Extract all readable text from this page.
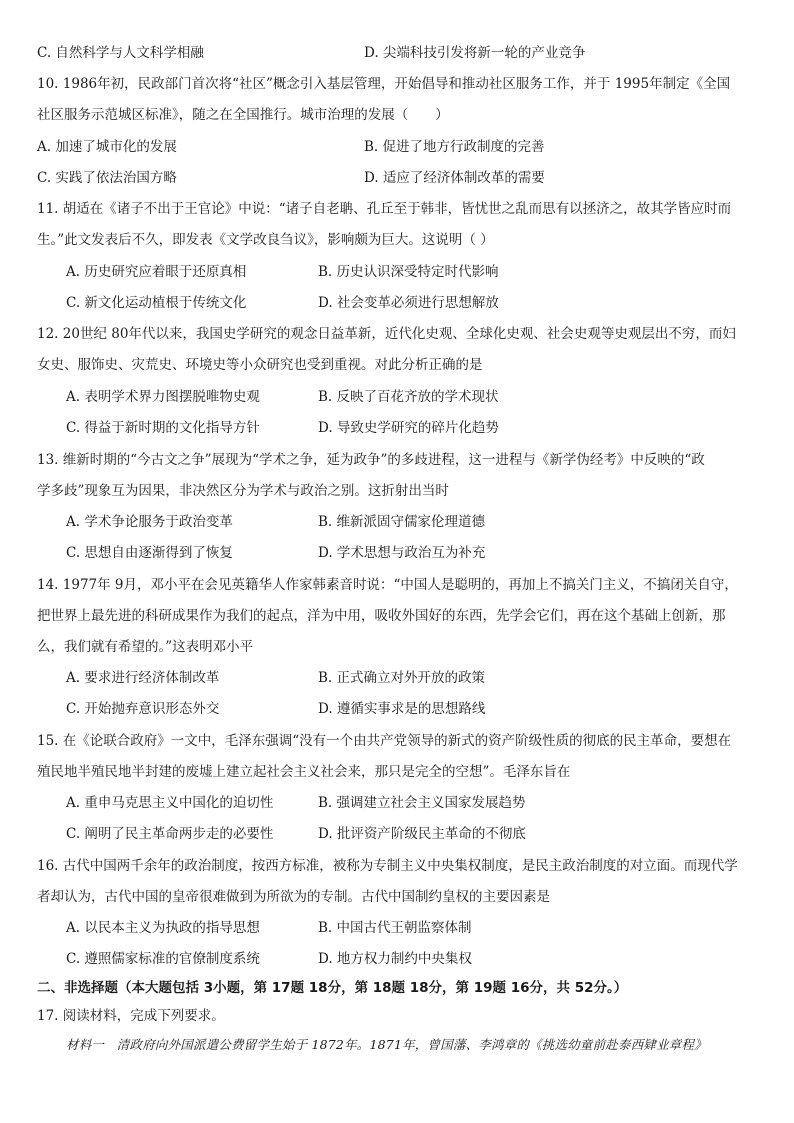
C. 自然科学与人文科学相融	D. 尖端科技引发将新一轮的产业竞争
10. 1986年初，民政部门首次将“社区”概念引入基层管理，开始倡导和推动社区服务工作，并于 1995年制定《全国
社区服务示范城区标准》，随之在全国推行。城市治理的发展（　　）
A. 加速了城市化的发展	B. 促进了地方行政制度的完善
C. 实践了依法治国方略	D. 适应了经济体制改革的需要
11. 胡适在《诸子不出于王官论》中说：“诸子自老聃、孔丘至于韩非，皆忧世之乱而思有以拯济之，故其学皆应时而
生。”此文发表后不久，即发表《文学改良刍议》，影响颇为巨大。这说明（ ）
A. 历史研究应着眼于还原真相	B. 历史认识深受特定时代影响
C. 新文化运动植根于传统文化	D. 社会变革必须进行思想解放
12. 20世纪 80年代以来，我国史学研究的观念日益革新，近代化史观、全球化史观、社会史观等史观层出不穷，而妇
女史、服饰史、灾荒史、环境史等小众研究也受到重视。对此分析正确的是
A. 表明学术界力图摆脱唯物史观	B. 反映了百花齐放的学术现状
C. 得益于新时期的文化指导方针	D. 导致史学研究的碎片化趋势
13. 维新时期的“今古文之争”展现为“学术之争，延为政争”的多歧进程，这一进程与《新学伪经考》中反映的“政
学多歧”现象互为因果，非决然区分为学术与政治之别。这折射出当时
A. 学术争论服务于政治变革	B. 维新派固守儒家伦理道德
C. 思想自由逐渐得到了恢复	D. 学术思想与政治互为补充
14. 1977年 9月，邓小平在会见英籍华人作家韩素音时说：“中国人是聪明的，再加上不搞关门主义，不搞闭关自守，
把世界上最先进的科研成果作为我们的起点，洋为中用，吸收外国好的东西，先学会它们，再在这个基础上创新，那
么，我们就有希望的。”这表明邓小平
A. 要求进行经济体制改革	B. 正式确立对外开放的政策
C. 开始抛弃意识形态外交	D. 遵循实事求是的思想路线
15. 在《论联合政府》一文中，毛泽东强调“没有一个由共产党领导的新式的资产阶级性质的彻底的民主革命，要想在
殖民地半殖民地半封建的废墟上建立起社会主义社会来，那只是完全的空想”。毛泽东旨在
A. 重申马克思主义中国化的迫切性	B. 强调建立社会主义国家发展趋势
C. 阐明了民主革命两步走的必要性	D. 批评资产阶级民主革命的不彻底
16. 古代中国两千余年的政治制度，按西方标准，被称为专制主义中央集权制度，是民主政治制度的对立面。而现代学
者却认为，古代中国的皇帝很难做到为所欲为的专制。古代中国制约皇权的主要因素是
A. 以民本主义为执政的指导思想	B. 中国古代王朝监察体制
C. 遵照儒家标准的官僚制度系统	D. 地方权力制约中央集权
二、非选择题（本大题包括 3小题，第 17题 18分，第 18题 18分，第 19题 16分，共 52分。）
17. 阅读材料，完成下列要求。
材料一　清政府向外国派遣公费留学生始于 1872年。1871年，曾国藩、李鸿章的《挑选幼童前赴泰西肄业章程》
